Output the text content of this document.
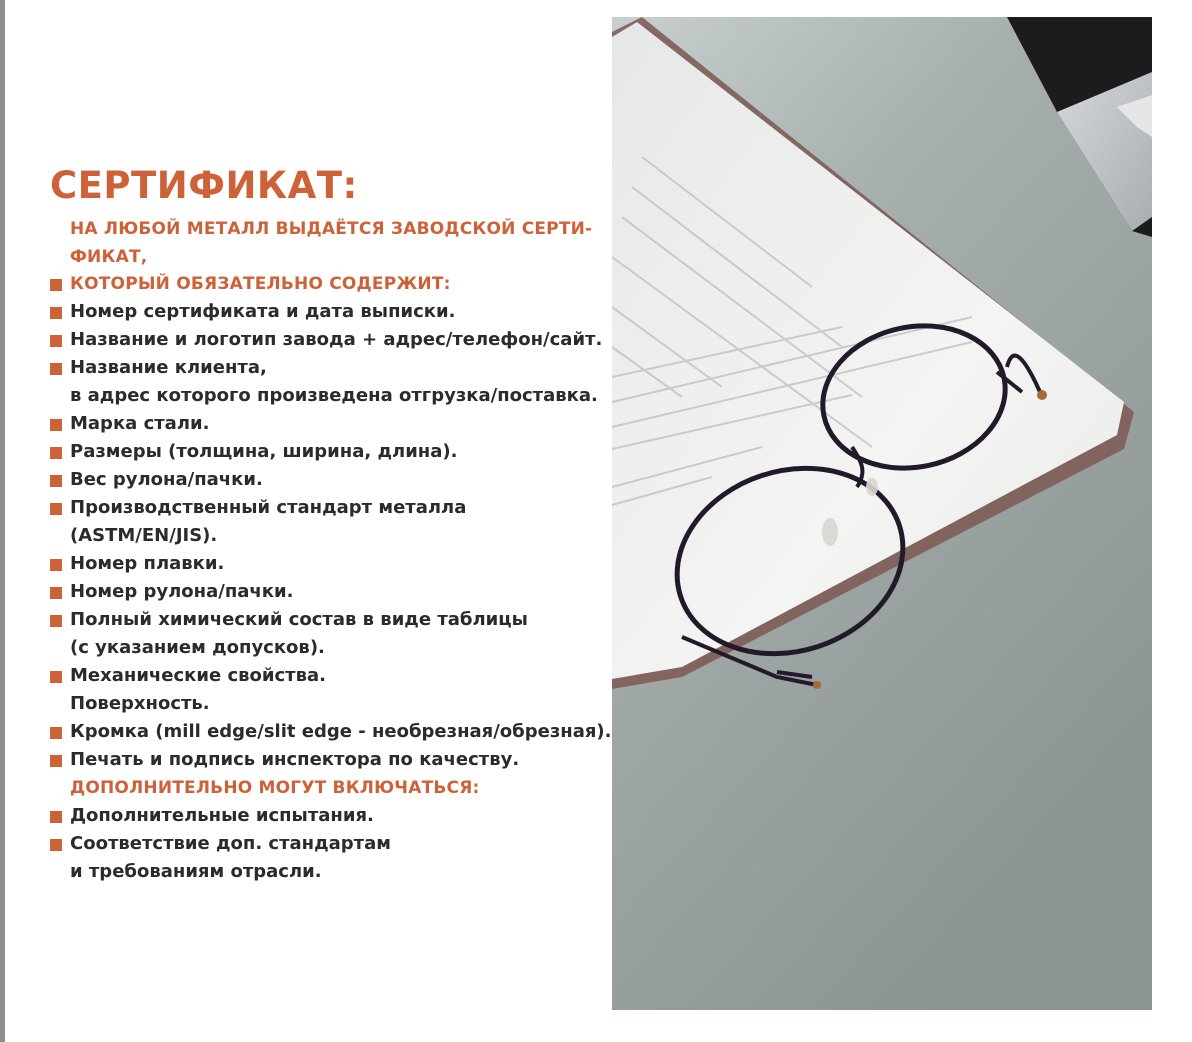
СЕРТИФИКАТ:
НА ЛЮБОЙ МЕТАЛЛ ВЫДАЁТСЯ ЗАВОДСКОЙ СЕРТИ-
ФИКАТ,
КОТОРЫЙ ОБЯЗАТЕЛЬНО СОДЕРЖИТ:
Номер сертификата и дата выписки.
Название и логотип завода + адрес/телефон/сайт.
Название клиента,
в адрес которого произведена отгрузка/поставка.
Марка стали.
Размеры (толщина, ширина, длина).
Вес рулона/пачки.
Производственный стандарт металла
(ASTM/EN/JIS).
Номер плавки.
Номер рулона/пачки.
Полный химический состав в виде таблицы
(с указанием допусков).
Механические свойства.
Поверхность.
Кромка (mill edge/slit edge - необрезная/обрезная).
Печать и подпись инспектора по качеству.
ДОПОЛНИТЕЛЬНО МОГУТ ВКЛЮЧАТЬСЯ:
Дополнительные испытания.
Соответствие доп. стандартам
и требованиям отрасли.
